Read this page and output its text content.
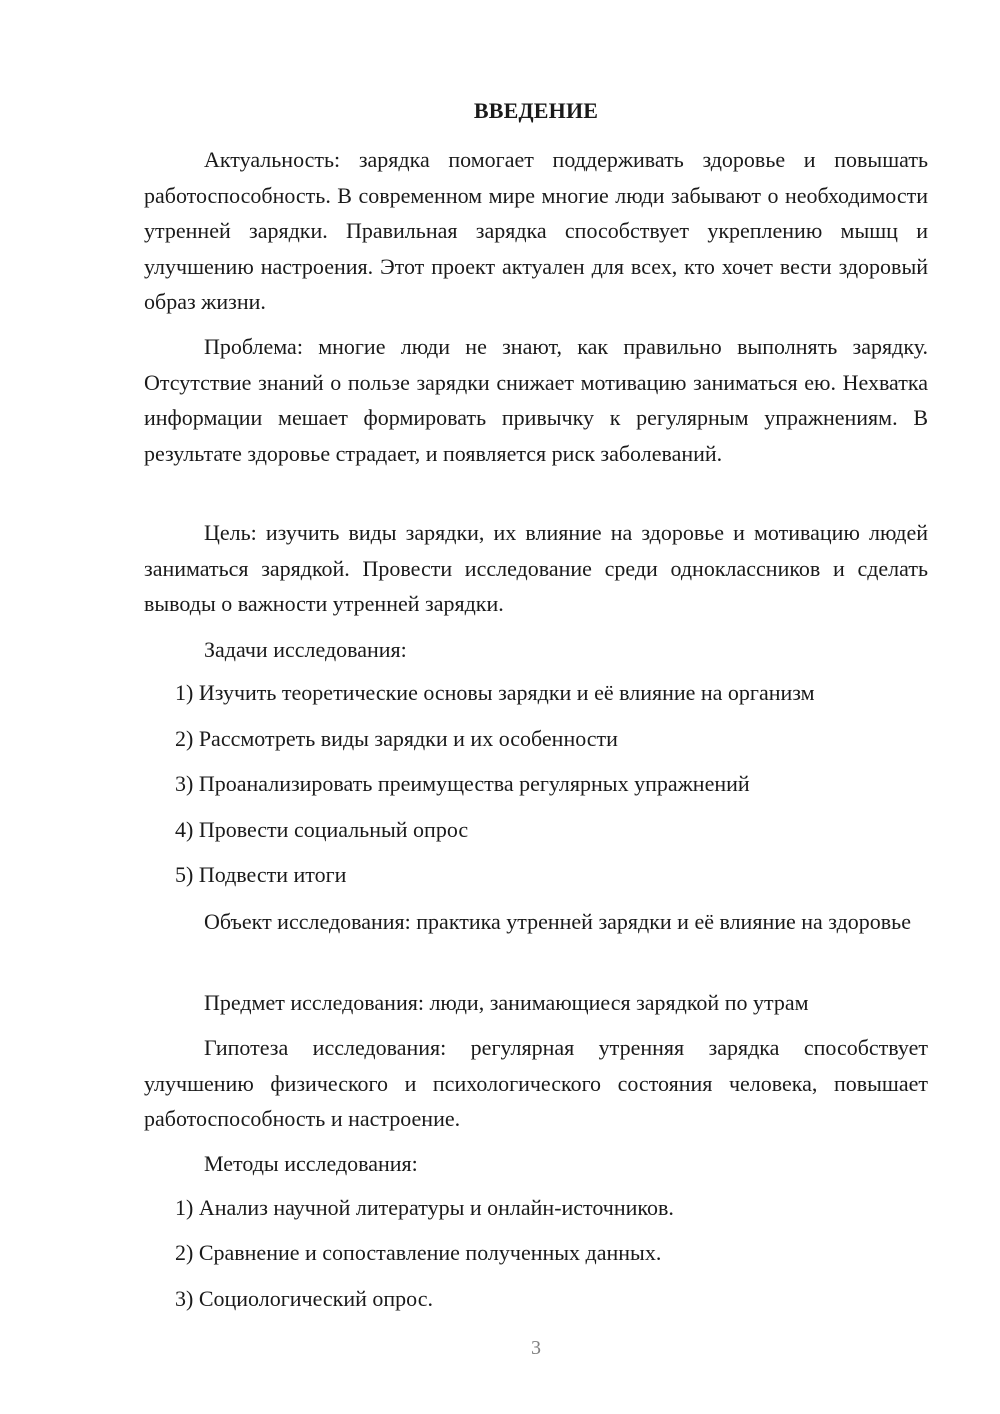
ВВЕДЕНИЕ

Актуальность: зарядка помогает поддерживать здоровье и повышать работоспособность. В современном мире многие люди забывают о необходимости утренней зарядки. Правильная зарядка способствует укреплению мышц и улучшению настроения. Этот проект актуален для всех, кто хочет вести здоровый образ жизни.

Проблема: многие люди не знают, как правильно выполнять зарядку. Отсутствие знаний о пользе зарядки снижает мотивацию заниматься ею. Нехватка информации мешает формировать привычку к регулярным упражнениям. В результате здоровье страдает, и появляется риск заболеваний.

Цель: изучить виды зарядки, их влияние на здоровье и мотивацию людей заниматься зарядкой. Провести исследование среди одноклассников и сделать выводы о важности утренней зарядки.

Задачи исследования:

1) Изучить теоретические основы зарядки и её влияние на организм

2) Рассмотреть виды зарядки и их особенности

3) Проанализировать преимущества регулярных упражнений

4) Провести социальный опрос

5) Подвести итоги

Объект исследования: практика утренней зарядки и её влияние на здоровье

Предмет исследования: люди, занимающиеся зарядкой по утрам

Гипотеза исследования: регулярная утренняя зарядка способствует улучшению физического и психологического состояния человека, повышает работоспособность и настроение.

Методы исследования:

1) Анализ научной литературы и онлайн-источников.

2) Сравнение и сопоставление полученных данных.

3) Социологический опрос.

3
